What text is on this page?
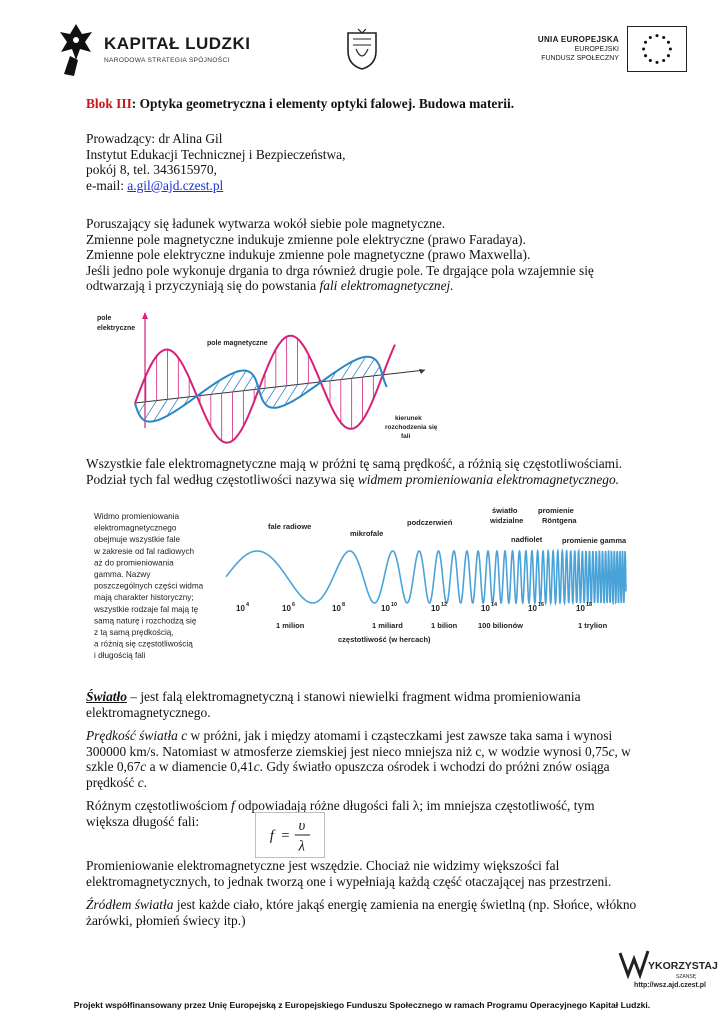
KAPITAŁ LUDZKI
NARODOWA STRATEGIA SPÓJNOŚCI
UNIA EUROPEJSKA
EUROPEJSKI
FUNDUSZ SPOŁECZNY
Blok III: Optyka geometryczna i elementy optyki falowej. Budowa materii.
Prowadzący: dr Alina Gil
Instytut Edukacji Technicznej i Bezpieczeństwa,
pokój 8, tel. 343615970,
e-mail: a.gil@ajd.czest.pl
Poruszający się ładunek wytwarza wokół siebie pole magnetyczne.
Zmienne pole magnetyczne indukuje zmienne pole elektryczne (prawo Faradaya).
Zmienne pole elektryczne indukuje zmienne pole magnetyczne (prawo Maxwella).
Jeśli jedno pole wykonuje drgania to drga również drugie pole. Te drgające pola wzajemnie się
odtwarzają i przyczyniają się do powstania fali elektromagnetycznej.
pole
elektryczne
pole magnetyczne
kierunek
rozchodzenia się
fali
Wszystkie fale elektromagnetyczne mają w próżni tę samą prędkość, a różnią się częstotliwościami.
Podział tych fal według częstotliwości nazywa się widmem promieniowania elektromagnetycznego.
Widmo promieniowania
elektromagnetycznego
obejmuje wszystkie fale
w zakresie od fal radiowych
aż do promieniowania
gamma. Nazwy
poszczególnych części widma
mają charakter historyczny;
wszystkie rodzaje fal mają tę
samą naturę i rozchodzą się
z tą samą prędkością,
a różnią się częstotliwością
i długością fali
fale radiowe
mikrofale
podczerwień
światło
widzialne
nadfiolet
promienie
Röntgena
promienie gamma
10 4	10 6	10 8	10 10	10 12	10 14	10 16	10 18
1 milion	1 miliard	1 bilion	100 bilionów	1 trylion
częstotliwość (w hercach)
Światło – jest falą elektromagnetyczną i stanowi niewielki fragment widma promieniowania
elektromagnetycznego.
Prędkość światła c w próżni, jak i między atomami i cząsteczkami jest zawsze taka sama i wynosi
300000 km/s. Natomiast w atmosferze ziemskiej jest nieco mniejsza niż c, w wodzie wynosi 0,75c, w
szkle 0,67c a w diamencie 0,41c. Gdy światło opuszcza ośrodek i wchodzi do próżni znów osiąga
prędkość c.
Różnym częstotliwościom f odpowiadają różne długości fali λ; im mniejsza częstotliwość, tym
większa długość fali:
f =
υ
λ
Promieniowanie elektromagnetyczne jest wszędzie. Chociaż nie widzimy większości fal
elektromagnetycznych, to jednak tworzą one i wypełniają każdą część otaczającej nas przestrzeni.
Źródłem światła jest każde ciało, które jakąś energię zamienia na energię świetlną (np. Słońce, włókno
żarówki, płomień świecy itp.)
YKORZYSTAJ
SZANSĘ
http://wsz.ajd.czest.pl
Projekt współfinansowany przez Unię Europejską z Europejskiego Funduszu Społecznego w ramach Programu Operacyjnego Kapitał Ludzki.
